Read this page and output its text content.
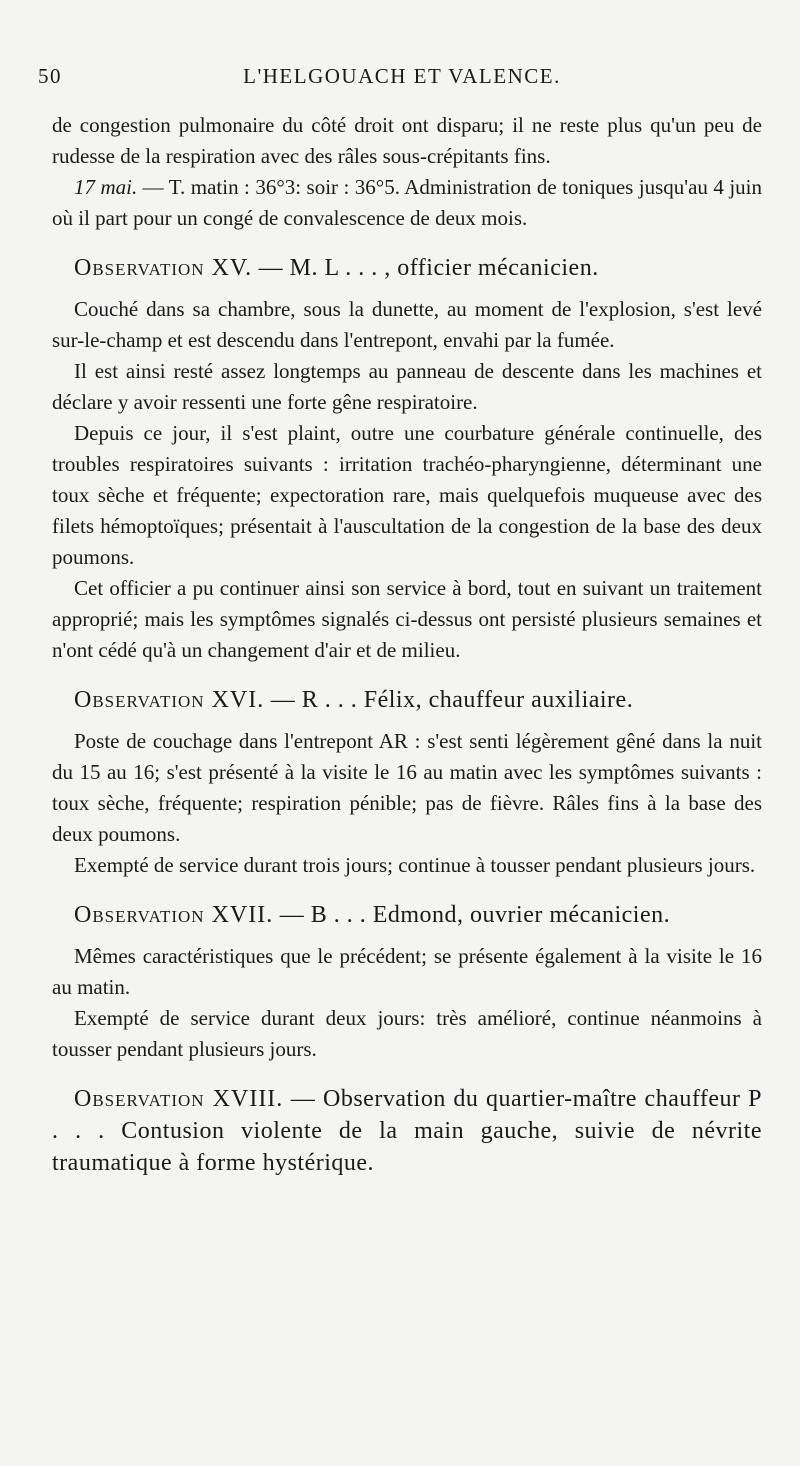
50	L'HELGOUACH ET VALENCE.

de congestion pulmonaire du côté droit ont disparu; il ne reste plus qu'un peu de rudesse de la respiration avec des râles sous-crépitants fins.

17 mai. — T. matin : 36°3: soir : 36°5. Administration de toniques jusqu'au 4 juin où il part pour un congé de convalescence de deux mois.

Observation XV. — M. L . . . , officier mécanicien.

Couché dans sa chambre, sous la dunette, au moment de l'explosion, s'est levé sur-le-champ et est descendu dans l'entrepont, envahi par la fumée.

Il est ainsi resté assez longtemps au panneau de descente dans les machines et déclare y avoir ressenti une forte gêne respiratoire.

Depuis ce jour, il s'est plaint, outre une courbature générale continuelle, des troubles respiratoires suivants : irritation trachéo-pharyngienne, déterminant une toux sèche et fréquente; expectoration rare, mais quelquefois muqueuse avec des filets hémoptoïques; présentait à l'auscultation de la congestion de la base des deux poumons.

Cet officier a pu continuer ainsi son service à bord, tout en suivant un traitement approprié; mais les symptômes signalés ci-dessus ont persisté plusieurs semaines et n'ont cédé qu'à un changement d'air et de milieu.

Observation XVI. — R . . . Félix, chauffeur auxiliaire.

Poste de couchage dans l'entrepont AR : s'est senti légèrement gêné dans la nuit du 15 au 16; s'est présenté à la visite le 16 au matin avec les symptômes suivants : toux sèche, fréquente; respiration pénible; pas de fièvre. Râles fins à la base des deux poumons.

Exempté de service durant trois jours; continue à tousser pendant plusieurs jours.

Observation XVII. — B . . . Edmond, ouvrier mécanicien.

Mêmes caractéristiques que le précédent; se présente également à la visite le 16 au matin.

Exempté de service durant deux jours: très amélioré, continue néanmoins à tousser pendant plusieurs jours.

Observation XVIII. — Observation du quartier-maître chauffeur P . . . Contusion violente de la main gauche, suivie de névrite traumatique à forme hystérique.
